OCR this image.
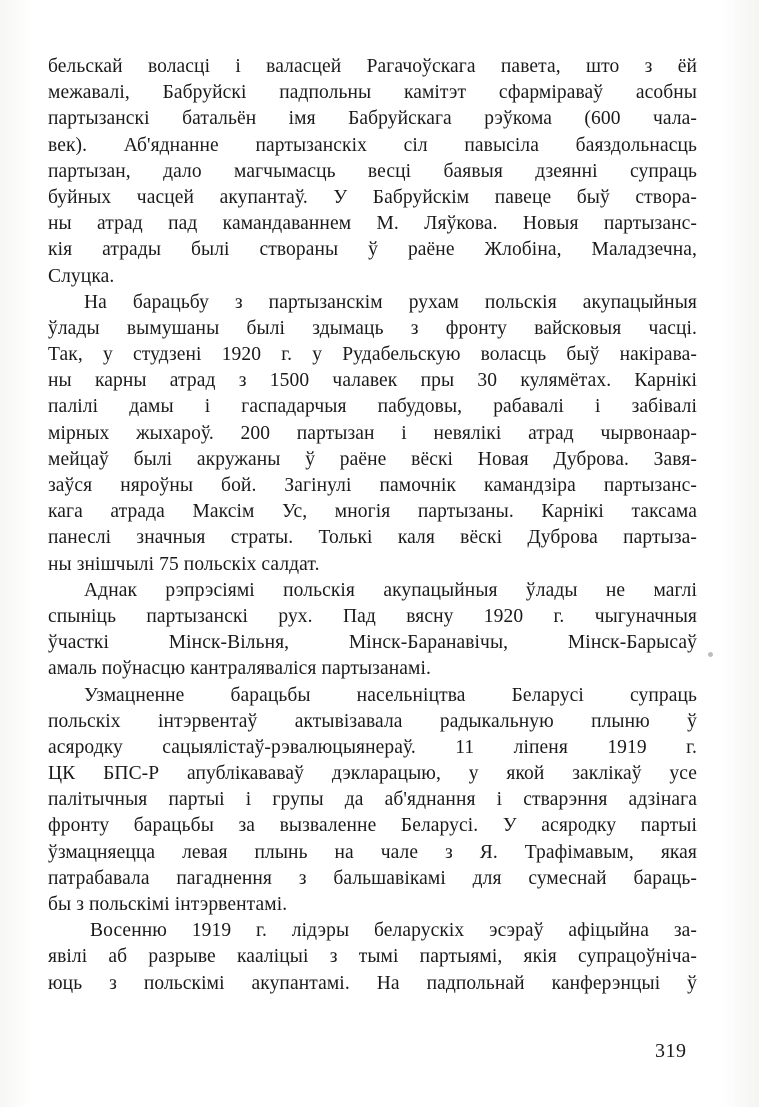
бельскай воласці і валасцей Рагачоўскага павета, што з ёй
межавалі, Бабруйскі падпольны камітэт сфарміраваў асобны
партызанскі батальён імя Бабруйскага рэўкома (600 чала-
век). Аб'яднанне партызанскіх сіл павысіла баяздольнасць
партызан, дало магчымасць весці баявыя дзеянні супраць
буйных часцей акупантаў. У Бабруйскім павеце быў створа-
ны атрад пад камандаваннем М. Ляўкова. Новыя партызанс-
кія атрады былі створаны ў раёне Жлобіна, Маладзечна,
Слуцка.
На барацьбу з партызанскім рухам польскія акупацыйныя
ўлады вымушаны былі здымаць з фронту вайсковыя часці.
Так, у студзені 1920 г. у Рудабельскую воласць быў накірава-
ны карны атрад з 1500 чалавек пры 30 кулямётах. Карнікі
палілі дамы і гаспадарчыя пабудовы, рабавалі і забівалі
мірных жыхароў. 200 партызан і невялікі атрад чырвонаар-
мейцаў былі акружаны ў раёне вёскі Новая Дуброва. Завя-
заўся няроўны бой. Загінулі памочнік камандзіра партызанс-
кага атрада Максім Ус, многія партызаны. Карнікі таксама
панеслі значныя страты. Толькі каля вёскі Дуброва партыза-
ны знішчылі 75 польскіх салдат.
Аднак рэпрэсіямі польскія акупацыйныя ўлады не маглі
спыніць партызанскі рух. Пад вясну 1920 г. чыгуначныя
ўчасткі Мінск-Вільня, Мінск-Баранавічы, Мінск-Барысаў
амаль поўнасцю кантраляваліся партызанамі.
Узмацненне барацьбы насельніцтва Беларусі супраць
польскіх інтэрвентаў актывізавала радыкальную плыню ў
асяродку сацыялістаў-рэвалюцыянераў. 11 ліпеня 1919 г.
ЦК БПС-Р апублікававаў дэкларацыю, у якой заклікаў усе
палітычныя партыі і групы да аб'яднання і стварэння адзінага
фронту барацьбы за вызваленне Беларусі. У асяродку партыі
ўзмацняецца левая плынь на чале з Я. Трафімавым, якая
патрабавала пагаднення з бальшавікамі для сумеснай бараць-
бы з польскімі інтэрвентамі.
Восенню 1919 г. лідэры беларускіх эсэраў афіцыйна за-
явілі аб разрыве кааліцыі з тымі партыямі, якія супрацоўніча-
юць з польскімі акупантамі. На падпольнай канферэнцыі ў
319
